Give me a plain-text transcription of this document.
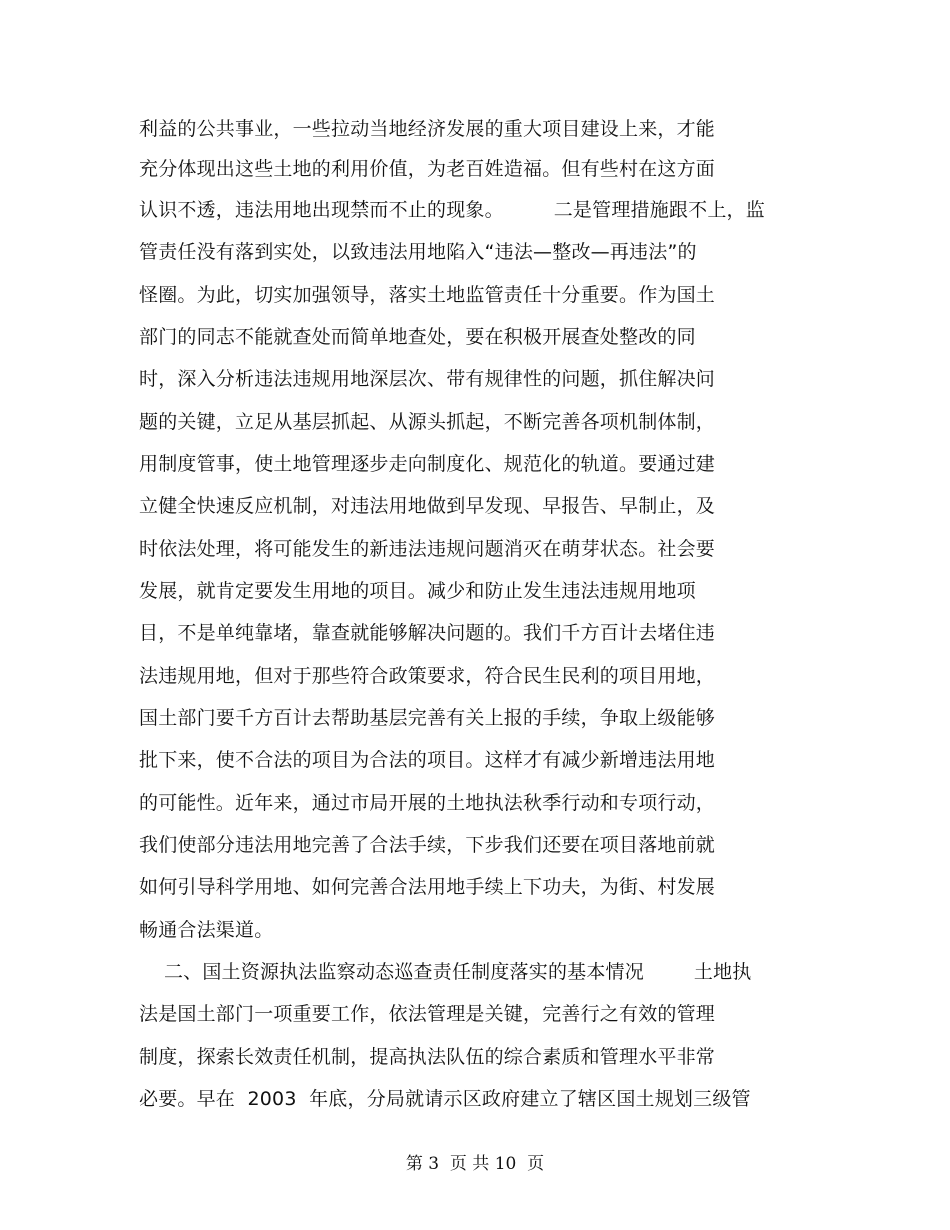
利益的公共事业，一些拉动当地经济发展的重大项目建设上来，才能
充分体现出这些土地的利用价值，为老百姓造福。但有些村在这方面
认识不透，违法用地出现禁而不止的现象。        二是管理措施跟不上，监
管责任没有落到实处，以致违法用地陷入“违法—整改—再违法”的
怪圈。为此，切实加强领导，落实土地监管责任十分重要。作为国土
部门的同志不能就查处而简单地查处，要在积极开展查处整改的同
时，深入分析违法违规用地深层次、带有规律性的问题，抓住解决问
题的关键，立足从基层抓起、从源头抓起，不断完善各项机制体制，
用制度管事，使土地管理逐步走向制度化、规范化的轨道。要通过建
立健全快速反应机制，对违法用地做到早发现、早报告、早制止，及
时依法处理，将可能发生的新违法违规问题消灭在萌芽状态。社会要
发展，就肯定要发生用地的项目。减少和防止发生违法违规用地项
目，不是单纯靠堵，靠查就能够解决问题的。我们千方百计去堵住违
法违规用地，但对于那些符合政策要求，符合民生民利的项目用地，
国土部门要千方百计去帮助基层完善有关上报的手续，争取上级能够
批下来，使不合法的项目为合法的项目。这样才有减少新增违法用地
的可能性。近年来，通过市局开展的土地执法秋季行动和专项行动，
我们使部分违法用地完善了合法手续，下步我们还要在项目落地前就
如何引导科学用地、如何完善合法用地手续上下功夫，为街、村发展
畅通合法渠道。
二、国土资源执法监察动态巡查责任制度落实的基本情况        土地执
法是国土部门一项重要工作，依法管理是关键，完善行之有效的管理
制度，探索长效责任机制，提高执法队伍的综合素质和管理水平非常
必要。早在  2003  年底，分局就请示区政府建立了辖区国土规划三级管
第 3  页 共 10  页
